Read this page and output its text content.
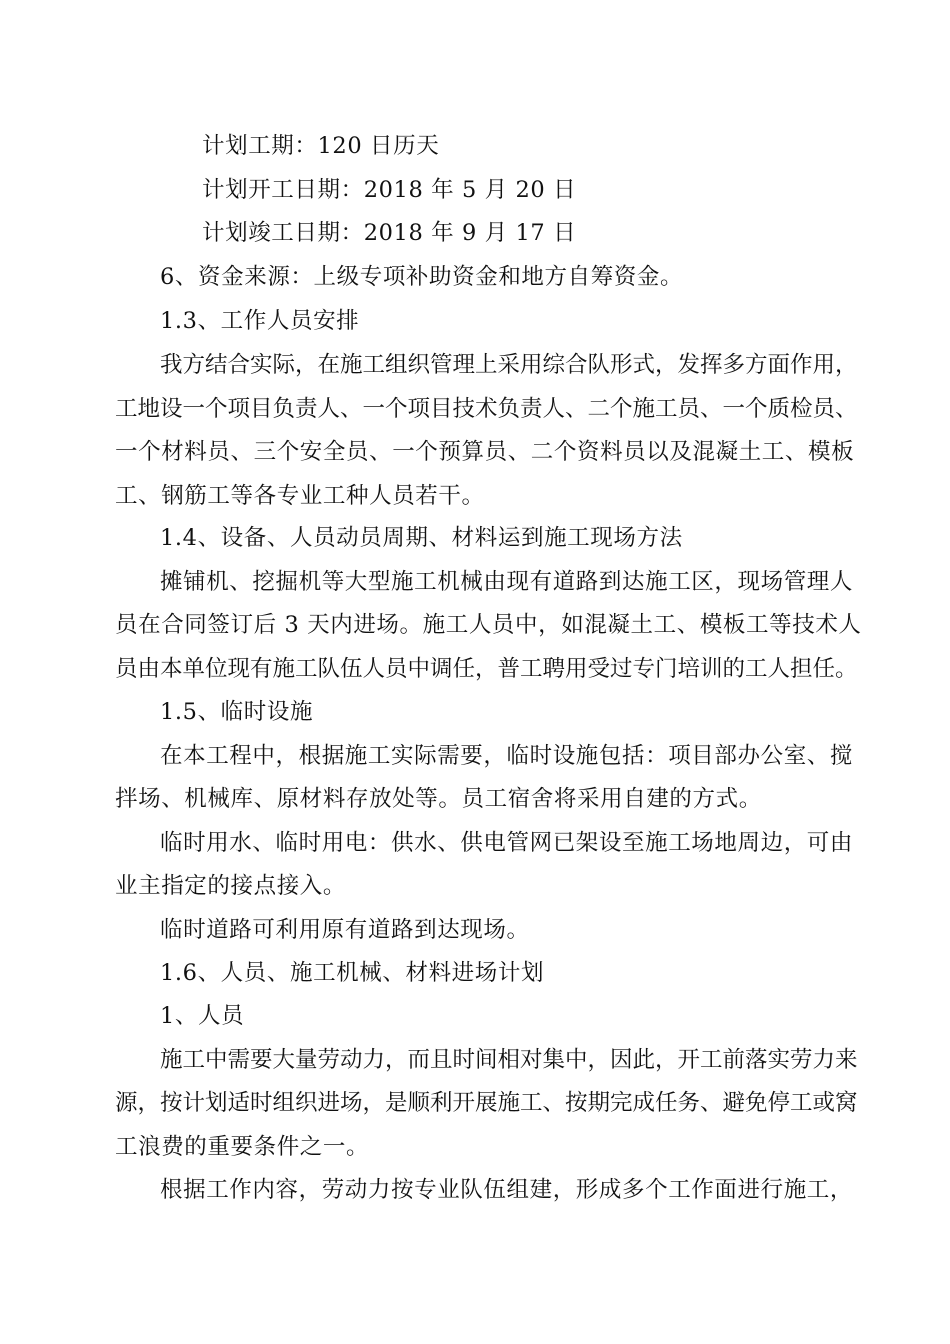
计划工期：120 日历天
计划开工日期：2018 年 5 月 20 日
计划竣工日期：2018 年 9 月 17 日
6、资金来源：上级专项补助资金和地方自筹资金。
1.3、工作人员安排
我方结合实际，在施工组织管理上采用综合队形式，发挥多方面作用，
工地设一个项目负责人、一个项目技术负责人、二个施工员、一个质检员、
一个材料员、三个安全员、一个预算员、二个资料员以及混凝土工、模板
工、钢筋工等各专业工种人员若干。
1.4、设备、人员动员周期、材料运到施工现场方法
摊铺机、挖掘机等大型施工机械由现有道路到达施工区，现场管理人
员在合同签订后 3 天内进场。施工人员中，如混凝土工、模板工等技术人
员由本单位现有施工队伍人员中调任，普工聘用受过专门培训的工人担任。
1.5、临时设施
在本工程中，根据施工实际需要，临时设施包括：项目部办公室、搅
拌场、机械库、原材料存放处等。员工宿舍将采用自建的方式。
临时用水、临时用电：供水、供电管网已架设至施工场地周边，可由
业主指定的接点接入。
临时道路可利用原有道路到达现场。
1.6、人员、施工机械、材料进场计划
1、人员
施工中需要大量劳动力，而且时间相对集中，因此，开工前落实劳力来
源，按计划适时组织进场，是顺利开展施工、按期完成任务、避免停工或窝
工浪费的重要条件之一。
根据工作内容，劳动力按专业队伍组建，形成多个工作面进行施工，
